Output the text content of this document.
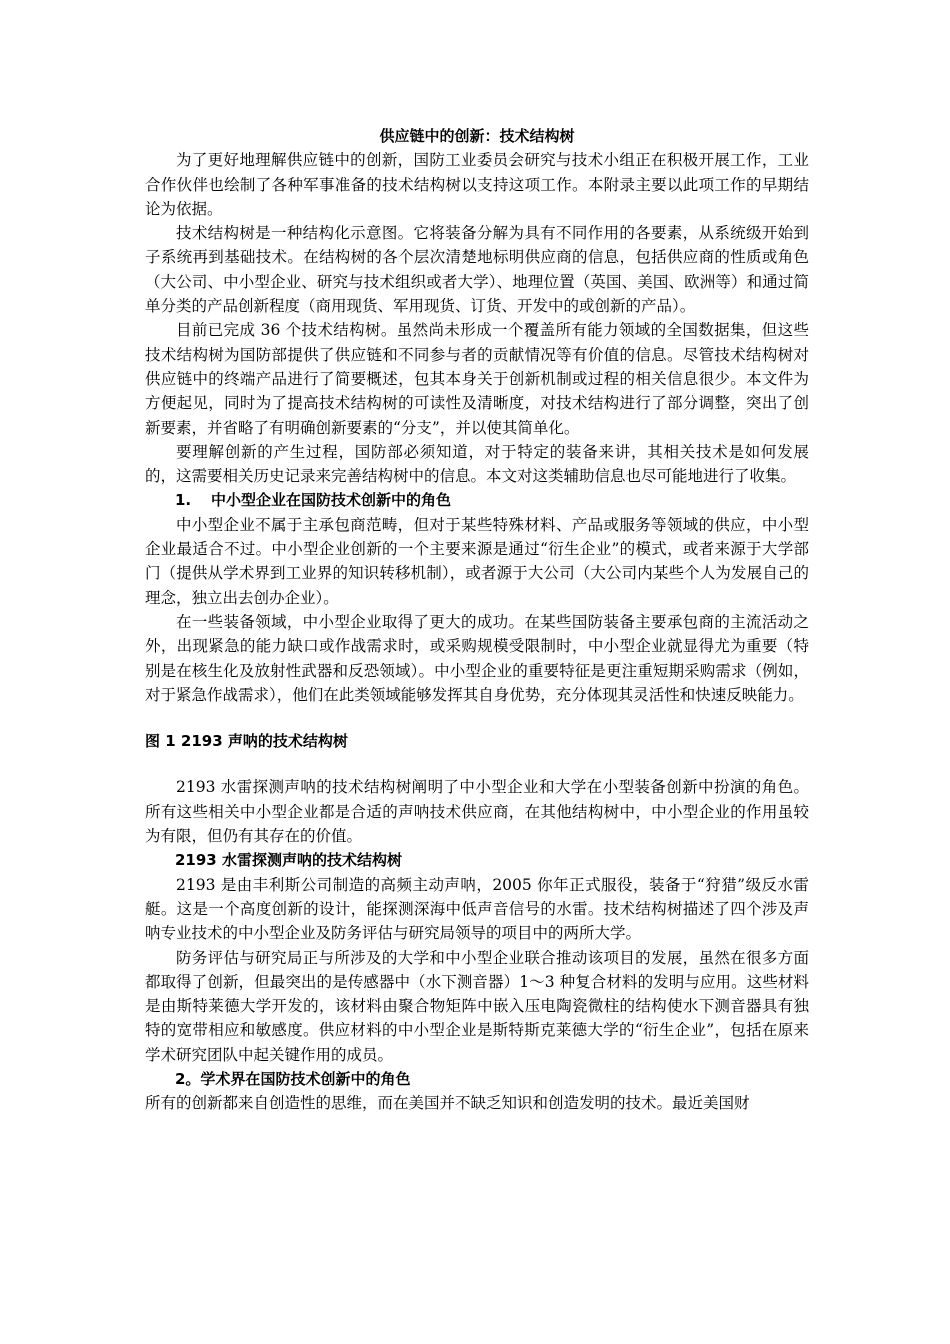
供应链中的创新：技术结构树

为了更好地理解供应链中的创新，国防工业委员会研究与技术小组正在积极开展工作，工业合作伙伴也绘制了各种军事准备的技术结构树以支持这项工作。本附录主要以此项工作的早期结论为依据。

技术结构树是一种结构化示意图。它将装备分解为具有不同作用的各要素，从系统级开始到子系统再到基础技术。在结构树的各个层次清楚地标明供应商的信息，包括供应商的性质或角色（大公司、中小型企业、研究与技术组织或者大学）、地理位置（英国、美国、欧洲等）和通过简单分类的产品创新程度（商用现货、军用现货、订货、开发中的或创新的产品）。

目前已完成 36 个技术结构树。虽然尚未形成一个覆盖所有能力领域的全国数据集，但这些技术结构树为国防部提供了供应链和不同参与者的贡献情况等有价值的信息。尽管技术结构树对供应链中的终端产品进行了简要概述，包其本身关于创新机制或过程的相关信息很少。本文件为方便起见，同时为了提高技术结构树的可读性及清晰度，对技术结构进行了部分调整，突出了创新要素，并省略了有明确创新要素的“分支”，并以使其简单化。

要理解创新的产生过程，国防部必须知道，对于特定的装备来讲，其相关技术是如何发展的，这需要相关历史记录来完善结构树中的信息。本文对这类辅助信息也尽可能地进行了收集。

1. 中小型企业在国防技术创新中的角色

中小型企业不属于主承包商范畴，但对于某些特殊材料、产品或服务等领域的供应，中小型企业最适合不过。中小型企业创新的一个主要来源是通过“衍生企业”的模式，或者来源于大学部门（提供从学术界到工业界的知识转移机制），或者源于大公司（大公司内某些个人为发展自己的理念，独立出去创办企业）。

在一些装备领域，中小型企业取得了更大的成功。在某些国防装备主要承包商的主流活动之外，出现紧急的能力缺口或作战需求时，或采购规模受限制时，中小型企业就显得尤为重要（特别是在核生化及放射性武器和反恐领域）。中小型企业的重要特征是更注重短期采购需求（例如，对于紧急作战需求），他们在此类领域能够发挥其自身优势，充分体现其灵活性和快速反映能力。

图 1 2193 声呐的技术结构树

2193 水雷探测声呐的技术结构树阐明了中小型企业和大学在小型装备创新中扮演的角色。所有这些相关中小型企业都是合适的声呐技术供应商，在其他结构树中，中小型企业的作用虽较为有限，但仍有其存在的价值。

2193 水雷探测声呐的技术结构树

2193 是由丰利斯公司制造的高频主动声呐，2005 你年正式服役，装备于“狩猎”级反水雷艇。这是一个高度创新的设计，能探测深海中低声音信号的水雷。技术结构树描述了四个涉及声呐专业技术的中小型企业及防务评估与研究局领导的项目中的两所大学。

防务评估与研究局正与所涉及的大学和中小型企业联合推动该项目的发展，虽然在很多方面都取得了创新，但最突出的是传感器中（水下测音器）1～3 种复合材料的发明与应用。这些材料是由斯特莱德大学开发的，该材料由聚合物矩阵中嵌入压电陶瓷微柱的结构使水下测音器具有独特的宽带相应和敏感度。供应材料的中小型企业是斯特斯克莱德大学的“衍生企业”，包括在原来学术研究团队中起关键作用的成员。

2。学术界在国防技术创新中的角色

所有的创新都来自创造性的思维，而在美国并不缺乏知识和创造发明的技术。最近美国财
